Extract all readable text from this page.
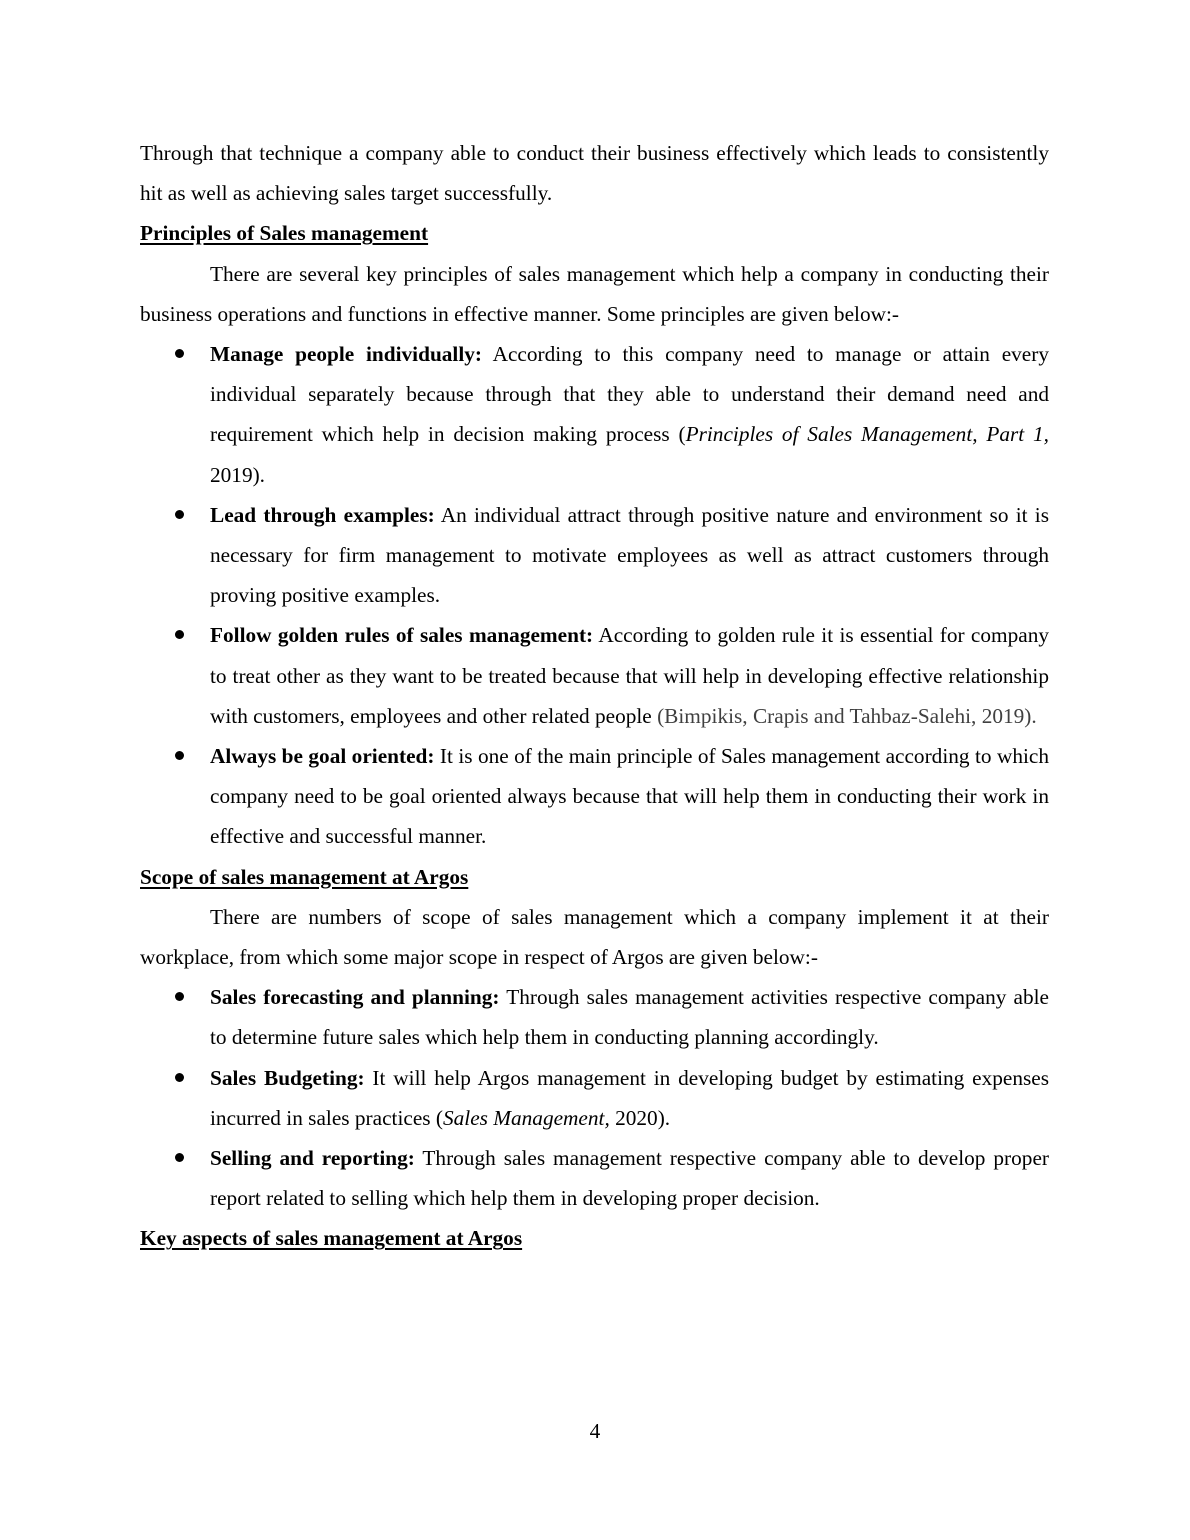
Through that technique a company able to conduct their business effectively which leads to consistently hit as well as achieving sales target successfully.

Principles of Sales management

There are several key principles of sales management which help a company in conducting their business operations and functions in effective manner. Some principles are given below:-

Manage people individually: According to this company need to manage or attain every individual separately because through that they able to understand their demand need and requirement which help in decision making process (Principles of Sales Management, Part 1, 2019).
Lead through examples: An individual attract through positive nature and environment so it is necessary for firm management to motivate employees as well as attract customers through proving positive examples.
Follow golden rules of sales management: According to golden rule it is essential for company to treat other as they want to be treated because that will help in developing effective relationship with customers, employees and other related people (Bimpikis, Crapis and Tahbaz-Salehi, 2019).
Always be goal oriented: It is one of the main principle of Sales management according to which company need to be goal oriented always because that will help them in conducting their work in effective and successful manner.
Scope of sales management at Argos

There are numbers of scope of sales management which a company implement it at their workplace, from which some major scope in respect of Argos are given below:-

Sales forecasting and planning: Through sales management activities respective company able to determine future sales which help them in conducting planning accordingly.
Sales Budgeting: It will help Argos management in developing budget by estimating expenses incurred in sales practices (Sales Management, 2020).
Selling and reporting: Through sales management respective company able to develop proper report related to selling which help them in developing proper decision.
Key aspects of sales management at Argos
4
